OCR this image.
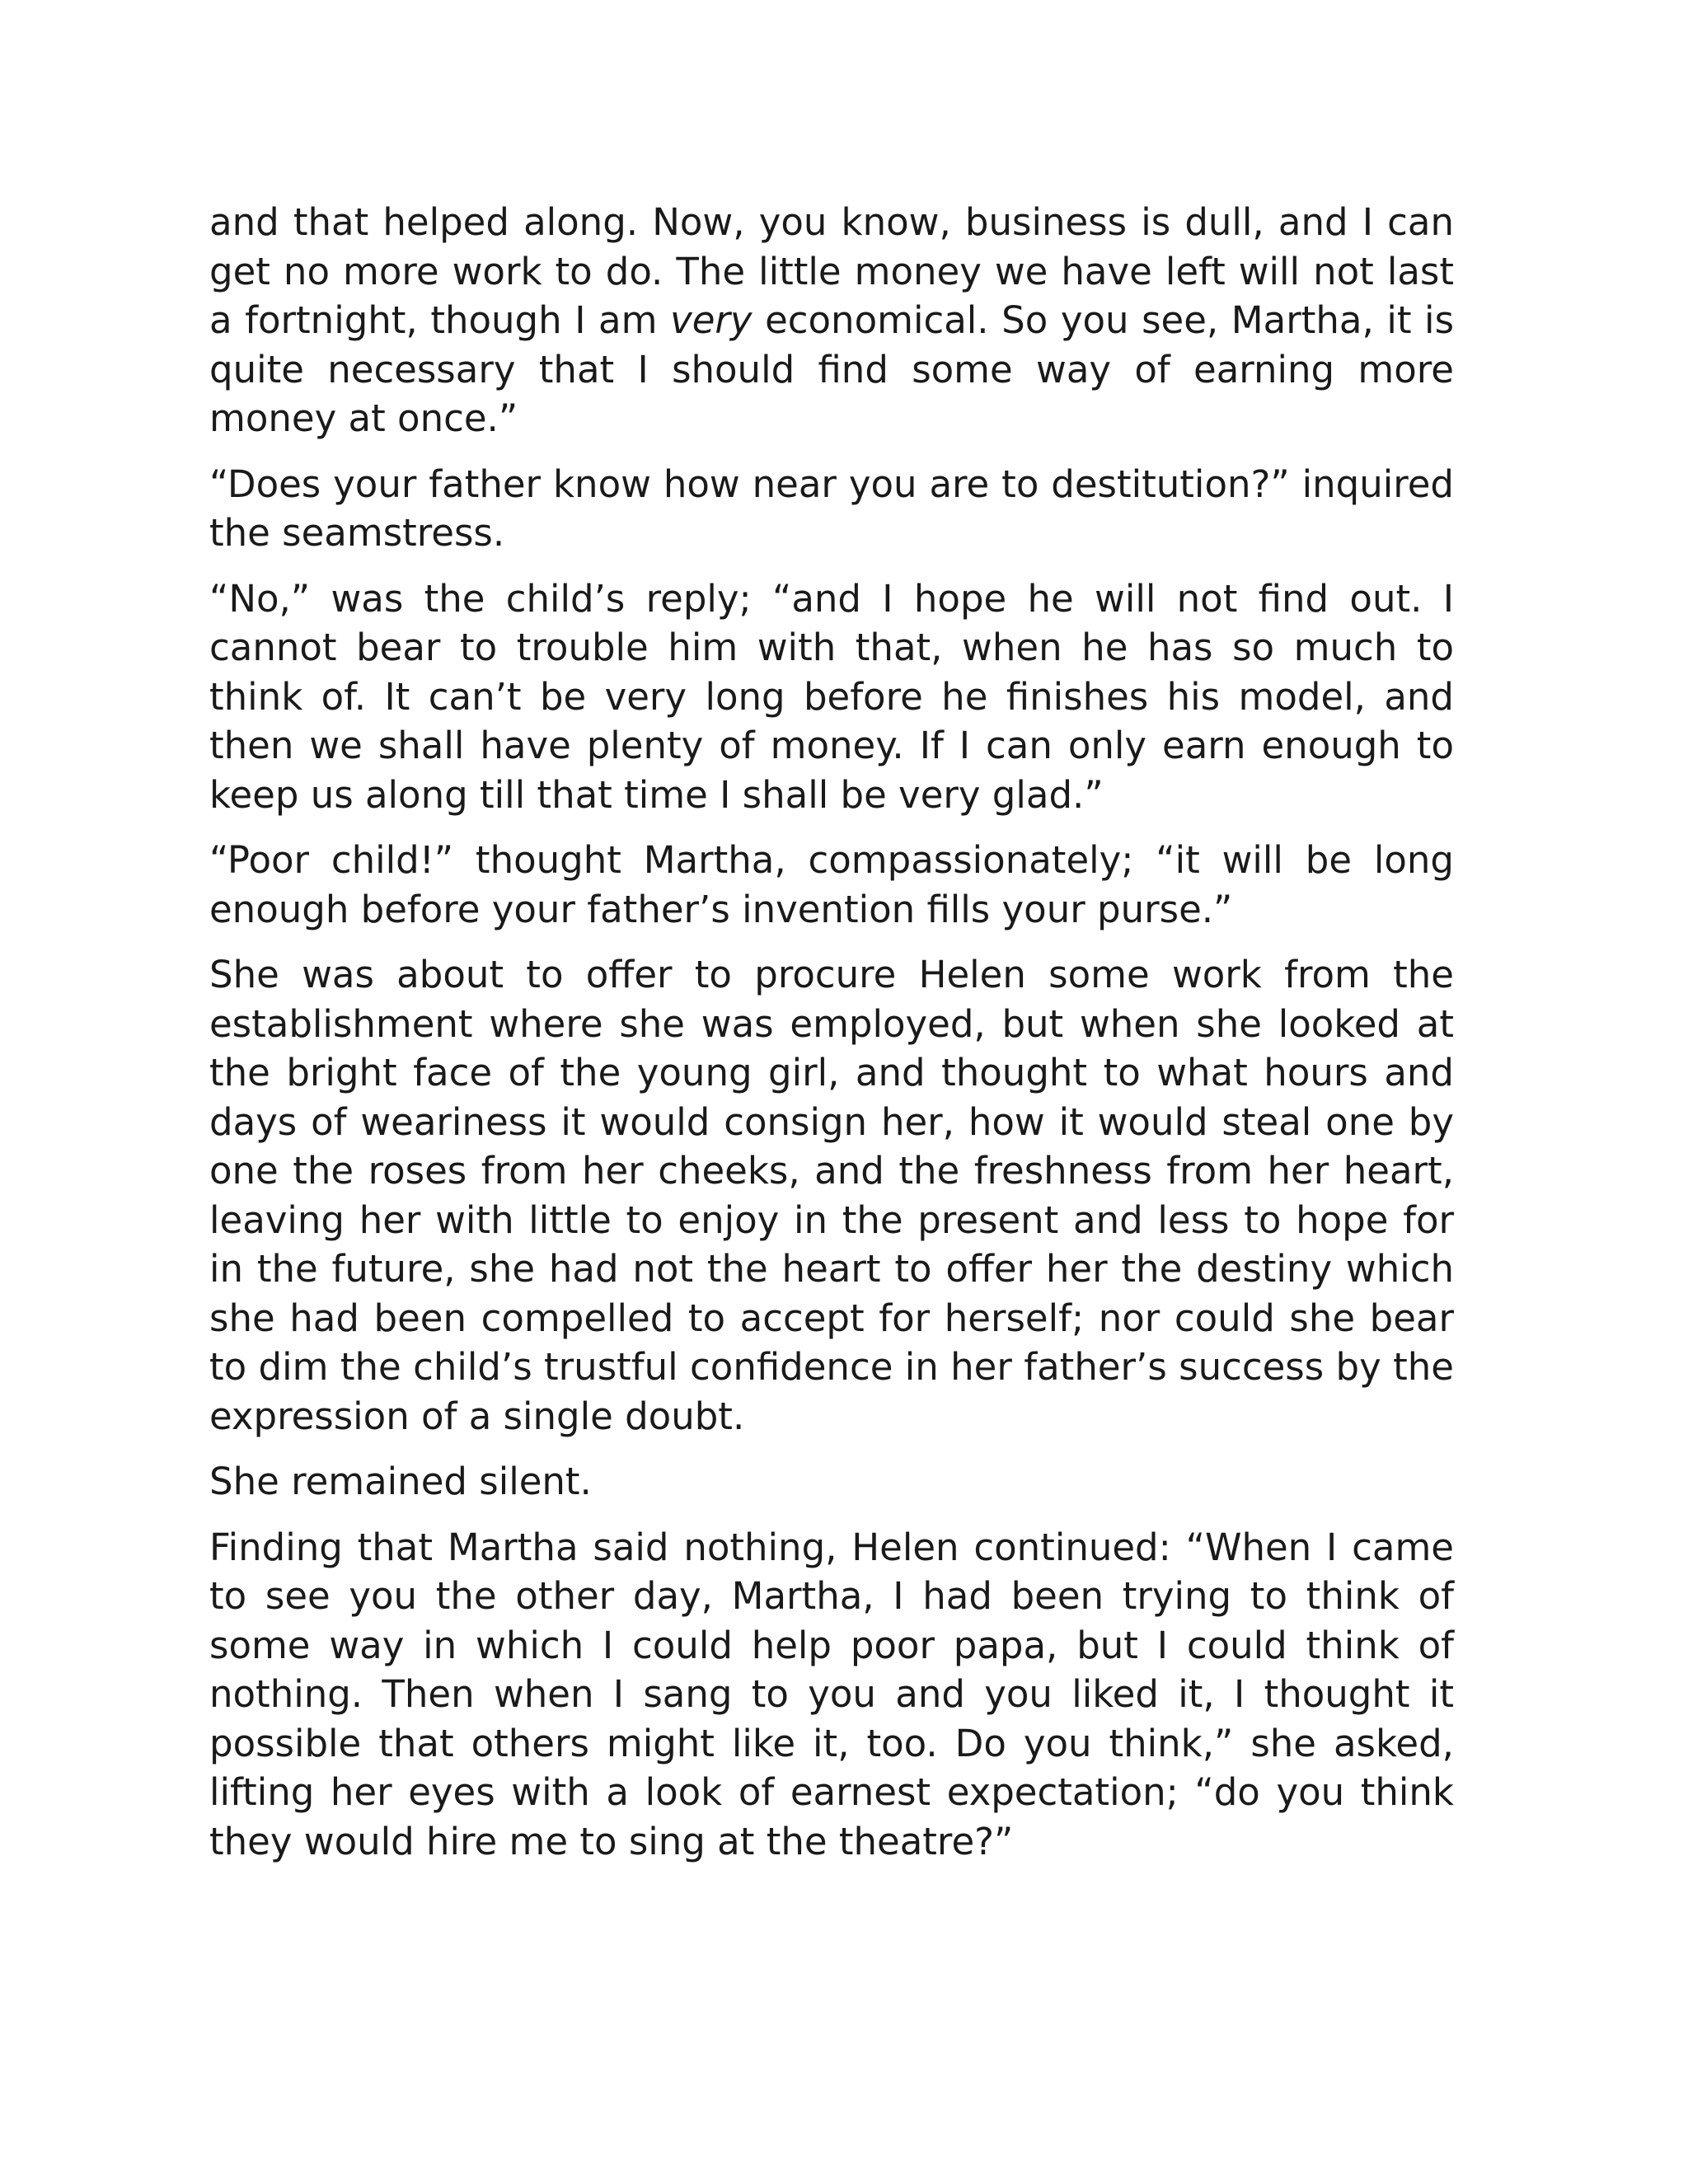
and that helped along. Now, you know, business is dull, and I can get no more work to do. The little money we have left will not last a fortnight, though I am very economical. So you see, Martha, it is quite necessary that I should find some way of earning more money at once.”

“Does your father know how near you are to destitution?” inquired the seamstress.

“No,” was the child’s reply; “and I hope he will not find out. I cannot bear to trouble him with that, when he has so much to think of. It can’t be very long before he finishes his model, and then we shall have plenty of money. If I can only earn enough to keep us along till that time I shall be very glad.”

“Poor child!” thought Martha, compassionately; “it will be long enough before your father’s invention fills your purse.”

She was about to offer to procure Helen some work from the establishment where she was employed, but when she looked at the bright face of the young girl, and thought to what hours and days of weariness it would consign her, how it would steal one by one the roses from her cheeks, and the freshness from her heart, leaving her with little to enjoy in the present and less to hope for in the future, she had not the heart to offer her the destiny which she had been compelled to accept for herself; nor could she bear to dim the child’s trustful confidence in her father’s success by the expression of a single doubt.

She remained silent.

Finding that Martha said nothing, Helen continued: “When I came to see you the other day, Martha, I had been trying to think of some way in which I could help poor papa, but I could think of nothing. Then when I sang to you and you liked it, I thought it possible that others might like it, too. Do you think,” she asked, lifting her eyes with a look of earnest expectation; “do you think they would hire me to sing at the theatre?”
